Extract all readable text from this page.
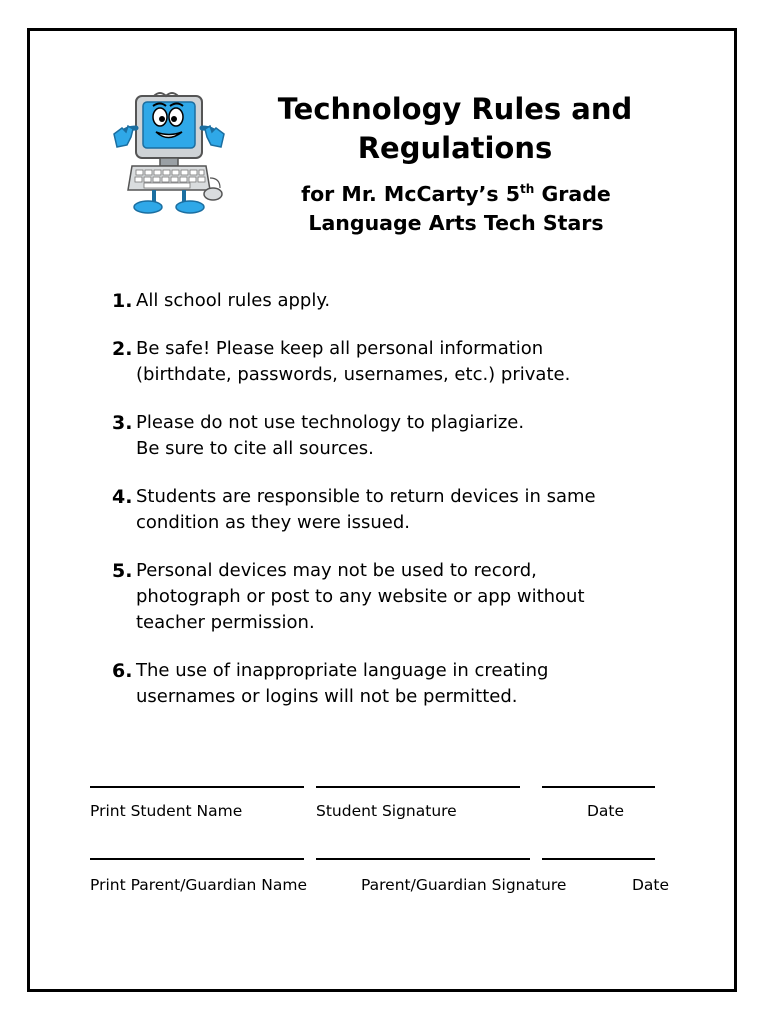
Technology Rules and
Regulations
for Mr. McCarty’s 5th Grade
Language Arts Tech Stars
1. All school rules apply.
2. Be safe! Please keep all personal information
(birthdate, passwords, usernames, etc.) private.
3. Please do not use technology to plagiarize.
Be sure to cite all sources.
4. Students are responsible to return devices in same
condition as they were issued.
5. Personal devices may not be used to record,
photograph or post to any website or app without
teacher permission.
6. The use of inappropriate language in creating
usernames or logins will not be permitted.
Print Student Name	Student Signature	Date
Print Parent/Guardian Name	Parent/Guardian Signature	Date
